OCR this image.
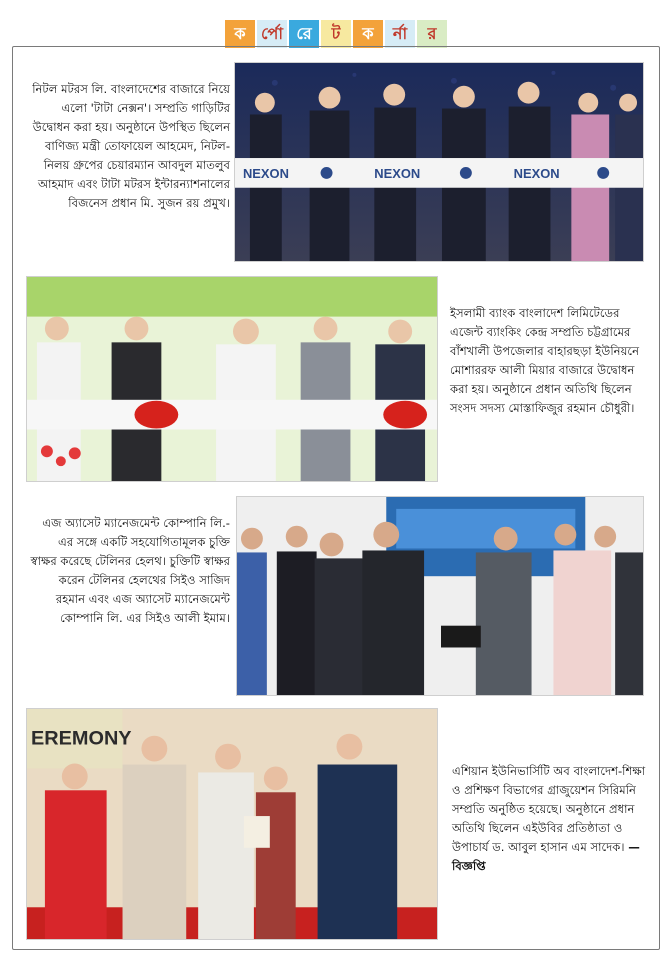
ক র্পো রে	ট	ক	র্না	র

নিটল মটরস লি. বাংলাদেশের বাজারে নিয়ে এলো 'টাটা নেক্সন'। সম্প্রতি গাড়িটির উদ্বোধন করা হয়। অনুষ্ঠানে উপস্থিত ছিলেন বাণিজ্য মন্ত্রী তোফায়েল আহমেদ, নিটল-নিলয় গ্রুপের চেয়ারম্যান আবদুল মাতলুব আহমাদ এবং টাটা মটরস ইন্টারন্যাশনালের বিজনেস প্রধান মি. সুজন রয় প্রমুখ।

NEXON	NEXON	NEXON

ইসলামী ব্যাংক বাংলাদেশ লিমিটেডের এজেন্ট ব্যাংকিং কেন্দ্র সম্প্রতি চট্টগ্রামের বাঁশখালী উপজেলার বাহারছড়া ইউনিয়নে মোশাররফ আলী মিয়ার বাজারে উদ্বোধন করা হয়। অনুষ্ঠানে প্রধান অতিথি ছিলেন সংসদ সদস্য মোস্তাফিজুর রহমান চৌধুরী।

এজ অ্যাসেট ম্যানেজমেন্ট কোম্পানি লি.- এর সঙ্গে একটি সহযোগিতামূলক চুক্তি স্বাক্ষর করেছে টেলিনর হেলথ। চুক্তিটি স্বাক্ষর করেন টেলিনর হেলথের সিইও সাজিদ রহমান এবং এজ অ্যাসেট ম্যানেজমেন্ট কোম্পানি লি. এর সিইও আলী ইমাম।

EREMONY

এশিয়ান ইউনিভার্সিটি অব বাংলাদেশ-শিক্ষা ও প্রশিক্ষণ বিভাগের গ্রাজুয়েশন সিরিমনি সম্প্রতি অনুষ্ঠিত হয়েছে। অনুষ্ঠানে প্রধান অতিথি ছিলেন এইউবির প্রতিষ্ঠাতা ও উপাচার্য ড. আবুল হাসান এম সাদেক। —বিজ্ঞপ্তি
